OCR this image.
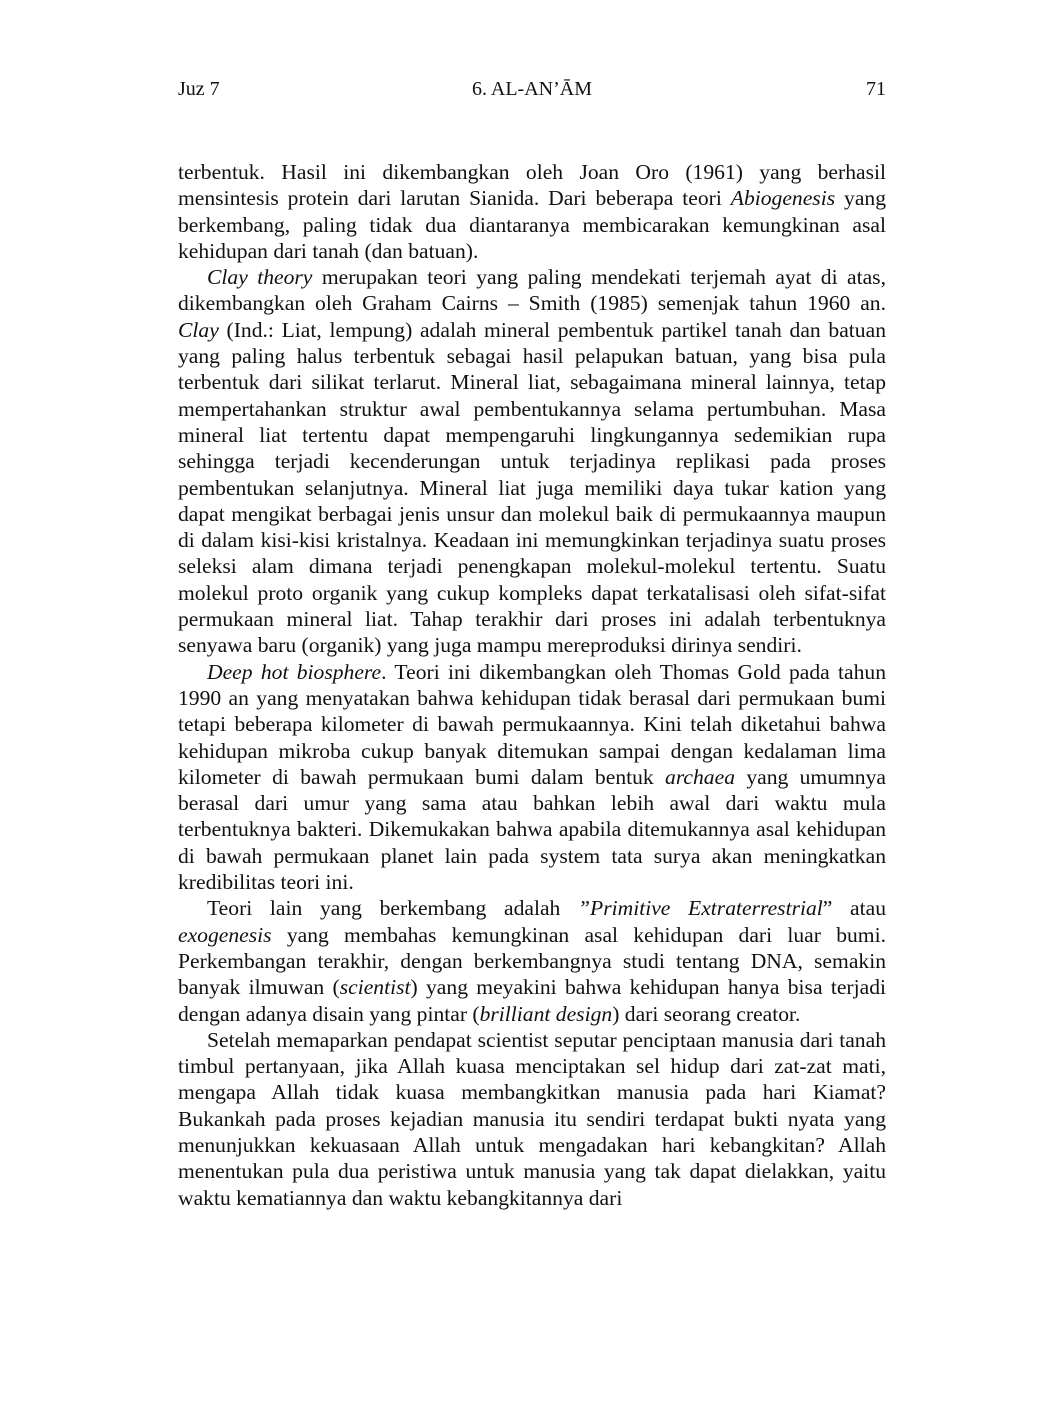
Juz 7	6. AL-AN’ĀM	71

terbentuk. Hasil ini dikembangkan oleh Joan Oro (1961) yang berhasil mensintesis protein dari larutan Sianida. Dari beberapa teori Abiogenesis yang berkembang, paling tidak dua diantaranya membicarakan kemungkinan asal kehidupan dari tanah (dan batuan).

Clay theory merupakan teori yang paling mendekati terjemah ayat di atas, dikembangkan oleh Graham Cairns – Smith (1985) semenjak tahun 1960 an. Clay (Ind.: Liat, lempung) adalah mineral pembentuk partikel tanah dan batuan yang paling halus terbentuk sebagai hasil pelapukan batuan, yang bisa pula terbentuk dari silikat terlarut. Mineral liat, sebagaimana mineral lainnya, tetap mempertahankan struktur awal pembentukannya selama pertumbuhan. Masa mineral liat tertentu dapat mempengaruhi lingkungannya sedemikian rupa sehingga terjadi kecenderungan untuk terjadinya replikasi pada proses pembentukan selanjutnya. Mineral liat juga memiliki daya tukar kation yang dapat mengikat berbagai jenis unsur dan molekul baik di permukaannya maupun di dalam kisi-kisi kristalnya. Keadaan ini memungkinkan terjadinya suatu proses seleksi alam dimana terjadi penengkapan molekul-molekul tertentu. Suatu molekul proto organik yang cukup kompleks dapat terkatalisasi oleh sifat-sifat permukaan mineral liat. Tahap terakhir dari proses ini adalah terbentuknya senyawa baru (organik) yang juga mampu mereproduksi dirinya sendiri.

Deep hot biosphere. Teori ini dikembangkan oleh Thomas Gold pada tahun 1990 an yang menyatakan bahwa kehidupan tidak berasal dari permukaan bumi tetapi beberapa kilometer di bawah permukaannya. Kini telah diketahui bahwa kehidupan mikroba cukup banyak ditemukan sampai dengan kedalaman lima kilometer di bawah permukaan bumi dalam bentuk archaea yang umumnya berasal dari umur yang sama atau bahkan lebih awal dari waktu mula terbentuknya bakteri. Dikemukakan bahwa apabila ditemukannya asal kehidupan di bawah permukaan planet lain pada system tata surya akan meningkatkan kredibilitas teori ini.

Teori lain yang berkembang adalah ”Primitive Extraterrestrial” atau exogenesis yang membahas kemungkinan asal kehidupan dari luar bumi. Perkembangan terakhir, dengan berkembangnya studi tentang DNA, semakin banyak ilmuwan (scientist) yang meyakini bahwa kehidupan hanya bisa terjadi dengan adanya disain yang pintar (brilliant design) dari seorang creator.

Setelah memaparkan pendapat scientist seputar penciptaan manusia dari tanah timbul pertanyaan, jika Allah kuasa menciptakan sel hidup dari zat-zat mati, mengapa Allah tidak kuasa membangkitkan manusia pada hari Kiamat? Bukankah pada proses kejadian manusia itu sendiri terdapat bukti nyata yang menunjukkan kekuasaan Allah untuk mengadakan hari kebangkitan? Allah menentukan pula dua peristiwa untuk manusia yang tak dapat dielakkan, yaitu waktu kematiannya dan waktu kebangkitannya dari
